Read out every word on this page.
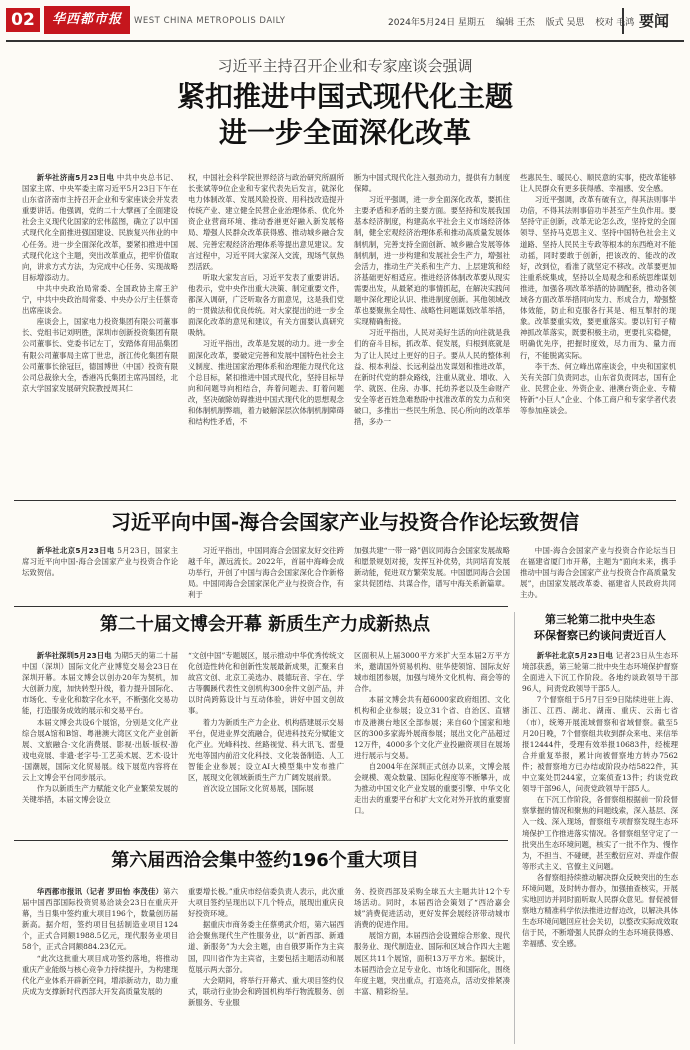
02	华西都市报	WEST CHINA METROPOLIS DAILY	2024年5月24日 星期五 编辑 王杰 版式 吴思 校对 毛鸿 要闻
习近平主持召开企业和专家座谈会强调
紧扣推进中国式现代化主题
进一步全面深化改革

新华社济南5月23日电 中共中央总书记、国家主席、中央军委主席习近平5月23日下午在山东省济南市主持召开企业和专家座谈会并发表重要讲话。他强调，党的二十大擘画了全面建设社会主义现代化国家的宏伟蓝图，确立了以中国式现代化全面推进强国建设、民族复兴伟业的中心任务。进一步全面深化改革，要紧扣推进中国式现代化这个主题，突出改革重点，把牢价值取向，讲求方式方法，为完成中心任务、实现战略目标增添动力。

中共中央政治局常委、全国政协主席王沪宁，中共中央政治局常委、中央办公厅主任蔡奇出席座谈会。

座谈会上，国家电力投资集团有限公司董事长、党组书记刘明胜，深圳市创新投资集团有限公司董事长、党委书记左丁，安踏体育用品集团有限公司董事局主席丁世忠，浙江传化集团有限公司董事长徐冠巨，德国博世（中国）投资有限公司总裁徐大全，香港冯氏集团主席冯国经，北京大学国家发展研究院教授周其仁

权，中国社会科学院世界经济与政治研究所副所长张斌等9位企业和专家代表先后发言，就深化电力体制改革、发展风险投资、用科技改造提升传统产业、建立健全民营企业治理体系、优化外资企业营商环境、推动香港更好融入新发展格局、增强人民群众改革获得感、推动城乡融合发展、完善宏观经济治理体系等提出意见建议。发言过程中，习近平同大家深入交流，现场气氛热烈活跃。

听取大家发言后，习近平发表了重要讲话。他表示，党中央作出重大决策、制定重要文件，都深入调研，广泛听取各方面意见，这是我们党的一贯做法和优良传统。对大家提出的进一步全面深化改革的意见和建议，有关方面要认真研究吸纳。

习近平指出，改革是发展的动力。进一步全面深化改革，要破定完善和发展中国特色社会主义制度、推进国家治理体系和治理能力现代化这个总目标，紧扣推进中国式现代化，坚持目标导向和问题导向相结合，奔着问题去、盯着问题改，坚决破除妨碍推进中国式现代化的思想观念和体制机制弊端，着力破解深层次体制机制障碍和结构性矛盾，不

断为中国式现代化注入强劲动力，提供有力制度保障。

习近平强调，进一步全面深化改革，要抓住主要矛盾和矛盾的主要方面。要坚持和发展我国基本经济制度，构建高水平社会主义市场经济体制，健全宏观经济治理体系和推动高质量发展体制机制，完善支持全面创新、城乡融合发展等体制机制，进一步构建和发展社会生产力，增强社会活力，推动生产关系和生产力、上层建筑和经济基础更好相适应。推进经济体制改革要从现实需要出发，从最紧迫的事情抓起，在解决实践问题中深化理论认识、推进制度创新。其他领域改革也要聚焦全局性、战略性问题谋划改革举措，实现精确衔接。

习近平指出，人民对美好生活的向往就是我们的奋斗目标，抓改革、促发展，归根到底就是为了让人民过上更好的日子。要从人民的整体利益、根本利益、长远利益出发谋划和推进改革，在新时代党的群众路线，注重从就业、增收、入学、就医、住房、办事、托幼养老以及生命财产安全等老百姓急难愁盼中找准改革的发力点和突破口，多推出一些民生所急、民心所向的改革举措，多办一

些惠民生、暖民心、顺民意的实事，使改革能够让人民群众有更多获得感、幸福感、安全感。

习近平强调，改革有破有立，得其法则事半功倍，不得其法则事倍功半甚至产生负作用。要坚持守正创新，改革无论怎么改，坚持党的全面领导、坚持马克思主义、坚持中国特色社会主义道路、坚持人民民主专政等根本的东西绝对不能动摇，同时要敢于创新，把该改的、能改的改好，改到位，看准了就坚定不移改。改革要更加注重系统集成，坚持以全局观念和系统思维谋划推进，加强各项改革举措的协调配套，推动各领域各方面改革举措同向发力、形成合力，增强整体效能，防止和克服各行其是、相互掣肘的现象。改革要重实效，要更重落实。要以钉钉子精神抓改革落实，既要积极主动，更要扎实稳健，明确优先序，把握时度效，尽力而为、量力而行，不能脱离实际。

李干杰、何立峰出席座谈会，中央和国家机关有关部门负责同志，山东省负责同志，国有企业、民营企业、外资企业、港澳台资企业、专精特新“小巨人”企业、个体工商户和专家学者代表等参加座谈会。

习近平向中国-海合会国家产业与投资合作论坛致贺信

新华社北京5月23日电 5月23日，国家主席习近平向中国-海合会国家产业与投资合作论坛致贺信。

习近平指出，中国同海合会国家友好交往跨越千年，源远流长。2022年，首届中海峰会成功举行，开创了中国与海合会国家深化合作新格局。中国同海合会国家深化产业与投资合作，有利于

加强共建“一带一路”倡议同海合会国家发展战略和愿景规划对接，发挥互补优势，共同培育发展新动能，促进双方繁荣发展。中国愿同海合会国家共促团结、共谋合作，谱写中海关系新篇章。

中国-海合会国家产业与投资合作论坛当日在福建省厦门市开幕，主题为“面向未来，携手推动中国与海合会国家产业与投资合作高质量发展”，由国家发展改革委、福建省人民政府共同主办。

第二十届文博会开幕 新质生产力成新热点

新华社深圳5月23日电 为期5天的第二十届中国（深圳）国际文化产业博览交易会23日在深圳开幕。本届文博会以创办20年为契机，加大创新力度，加快转型升级，着力提升国际化、市场化、专业化和数字化水平，不断强化交易功能，打造服务成效的展示和交易平台。

本届文博会共设6个展馆，分别是文化产业综合展A馆和B馆、粤港澳大湾区文化产业创新展、文旅融合·文化消费展、影视·出版·版权·游戏电竞展、非遗·老字号·工艺美术展、艺术·设计·国潮展，国际文化贸易展。线下展览内容将在云上文博会平台同步展示。

作为以新质生产力赋能文化产业繁荣发展的关键举措，本届文博会设立

“文创中国”专题展区，展示推动中华优秀传统文化创造性转化和创新性发展最新成果，汇聚来自故宫文创、北京工美选办、晨德玩音、字在、学古等髑蹊代表性文创机构300余件文创产品，并以时尚跨陈设计与互动体验，讲好中国文创故事。

着力为新质生产力企业、机构搭建展示交易平台，促进业界交流融合，促进科技充分赋能文化产业。光峰科技、丝路视觉、科大讯飞、雷曼光电等国内前沿文化科技、文化装备制造、人工智能企业参展；设立AI大模型集中发布推广区，展现文化领域新质生产力广阔发展前景。

首次设立国际文化贸易展，国际展

区面积从上届3000平方米扩大至本届2万平方米，邀请国外贸易机构、驻华使领馆、国际友好城市组团参展，加强与境外文化机构、商会等的合作。

本届文博会共有超6000家政府组团、文化机构和企业参展；设立31个省、自治区、直辖市及港澳台地区全部参展；来自60个国家和地区的300多家海外展商参展；展出文化产品超过12万件，4000多个文化产业投融资项目在展场进行展示与交易。

自2004年在深圳正式创办以来，文博会展会规模、观众数量、国际化程度等不断攀升，成为推动中国文化产业发展的重要引擎、中华文化走出去的重要平台和扩大文化对外开放的重要窗口。

第三轮第二批中央生态
环保督察已约谈问责近百人

新华社北京5月23日电 记者23日从生态环境部获悉，第三轮第二批中央生态环境保护督察全面进入下沉工作阶段。各地约谈政领导干部96人，问责党政领导干部5人。

7个督察组于5月7日至9日陆续进驻上海、浙江、江西、湖北、湖南、重庆、云南七省（市），统筹开展流域督察和省域督察。截至5月20日晚，7个督察组共收到群众来电、来信举报12444件，受理有效举报10683件，经梳理合并重复举报，累计向被督察地方转办7562件；被督察地方已办结或阶段办结5822件，其中立案处罚244家，立案侦查13件；约谈党政领导干部96人，问责党政领导干部5人。

在下沉工作阶段，各督察组根据前一阶段督察掌握的情况和聚焦的问题线索，深入基层、深入一线、深入现场，督察组专项督察发现生态环境保护工作推进落实情况。各督察组坚守定了一批突出生态环境问题，核实了一批不作为、慢作为，不担当、不碰硬，甚至敷衍应对、弄虚作假等形式主义、官僚主义问题。

各督察组持续推动解决群众反映突出的生态环境问题，及时转办督办，加强抽查核实，开展实地回访并同时面听取人民群众意见。督促被督察地方精准科学依法推进边督边改，以解决具体生态环境问题回应社会关切，以整改实际成效取信于民，不断增强人民群众的生态环境获得感、幸福感、安全感。

第六届西洽会集中签约196个重大项目

华西都市报讯（记者 罗田怡 李茂佳）第六届中国西部国际投资贸易洽谈会23日在重庆开幕，当日集中签约重大项目196个，数量创历届新高。据介绍，签约项目包括制造业项目124个，正式合同额1988.5亿元，现代服务业项目58个，正式合同额884.23亿元。

“此次这批重大项目成功签约落地，将推动重庆产业能级与核心竞争力持续提升，为构建现代化产业体系开辟新空间，增添新动力，助力重庆成为支撑新时代西部大开发高质量发展的

重要增长极。”重庆市经信委负责人表示，此次重大项目签约呈现出以下几个特点，展现出重庆良好投资环境。

据重庆市商务委主任蔡勇武介绍，第六届西洽会聚焦现代生产性服务业，以“新西部、新通道、新服务”为大会主题，由自俄罗斯作为主宾国，四川省作为主宾省，主要包括主题活动和展览展示两大部分。

大会期间，将举行开幕式、重大项目签约仪式，联动行业协会和跨国机构举行物流服务、创新服务、专业服

务、投资西部及采购全球五大主题共计12个专场活动。同时，本届西洽会策划了“西洽嘉会城”消费促进活动，更好发挥会展经济带动城市消费的促进作用。

展馆方面，本届西洽会设置综合形象、现代服务业、现代制造业、国际和区域合作四大主题展区共11个展馆，面积13万平方米。据统计，本届西洽会立足专业化、市场化和国际化，围绕年度主题，突出重点，打造亮点，活动安排紧凑丰富、精彩纷呈。
